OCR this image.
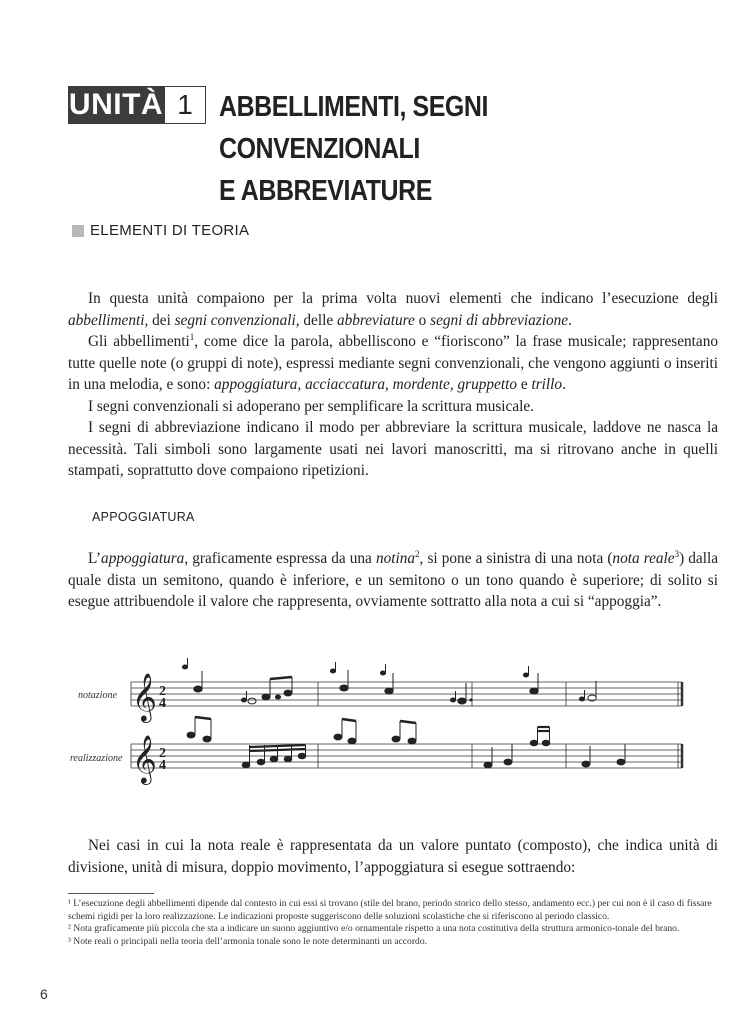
UNITÀ 1 ABBELLIMENTI, SEGNI CONVENZIONALI
E ABBREVIATURE
ELEMENTI DI TEORIA

In questa unità compaiono per la prima volta nuovi elementi che indicano l’esecuzione degli abbellimenti, dei segni convenzionali, delle abbreviature o segni di abbreviazione.

Gli abbellimenti$^1$, come dice la parola, abbelliscono e “fioriscono” la frase musicale; rappresentano tutte quelle note (o gruppi di note), espressi mediante segni convenzionali, che vengono aggiunti o inseriti in una melodia, e sono: appoggiatura, acciaccatura, mordente, gruppetto e trillo.

I segni convenzionali si adoperano per semplificare la scrittura musicale.

I segni di abbreviazione indicano il modo per abbreviare la scrittura musicale, laddove ne nasca la necessità. Tali simboli sono largamente usati nei lavori manoscritti, ma si ritrovano anche in quelli stampati, soprattutto dove compaiono ripetizioni.

APPOGGIATURA

L’appoggiatura, graficamente espressa da una notina$^2$, si pone a sinistra di una nota (nota reale$^3$) dalla quale dista un semitono, quando è inferiore, e un semitono o un tono quando è superiore; di solito si esegue attribuendole il valore che rappresenta, ovviamente sottratto alla nota a cui si “appoggia”.

notazione
realizzazione
𝄞 2
4
𝄞 2
4

Nei casi in cui la nota reale è rappresentata da un valore puntato (composto), che indica unità di divisione, unità di misura, doppio movimento, l’appoggiatura si esegue sottraendo:

¹ L’esecuzione degli abbellimenti dipende dal contesto in cui essi si trovano (stile del brano, periodo storico dello stesso, andamento ecc.) per cui non è il caso di fissare schemi rigidi per la loro realizzazione. Le indicazioni proposte suggeriscono delle soluzioni scolastiche che si riferiscono al periodo classico.

² Nota graficamente più piccola che sta a indicare un suono aggiuntivo e/o ornamentale rispetto a una nota costitutiva della struttura armonico-tonale del brano.

³ Note reali o principali nella teoria dell’armonia tonale sono le note determinanti un accordo.

6
